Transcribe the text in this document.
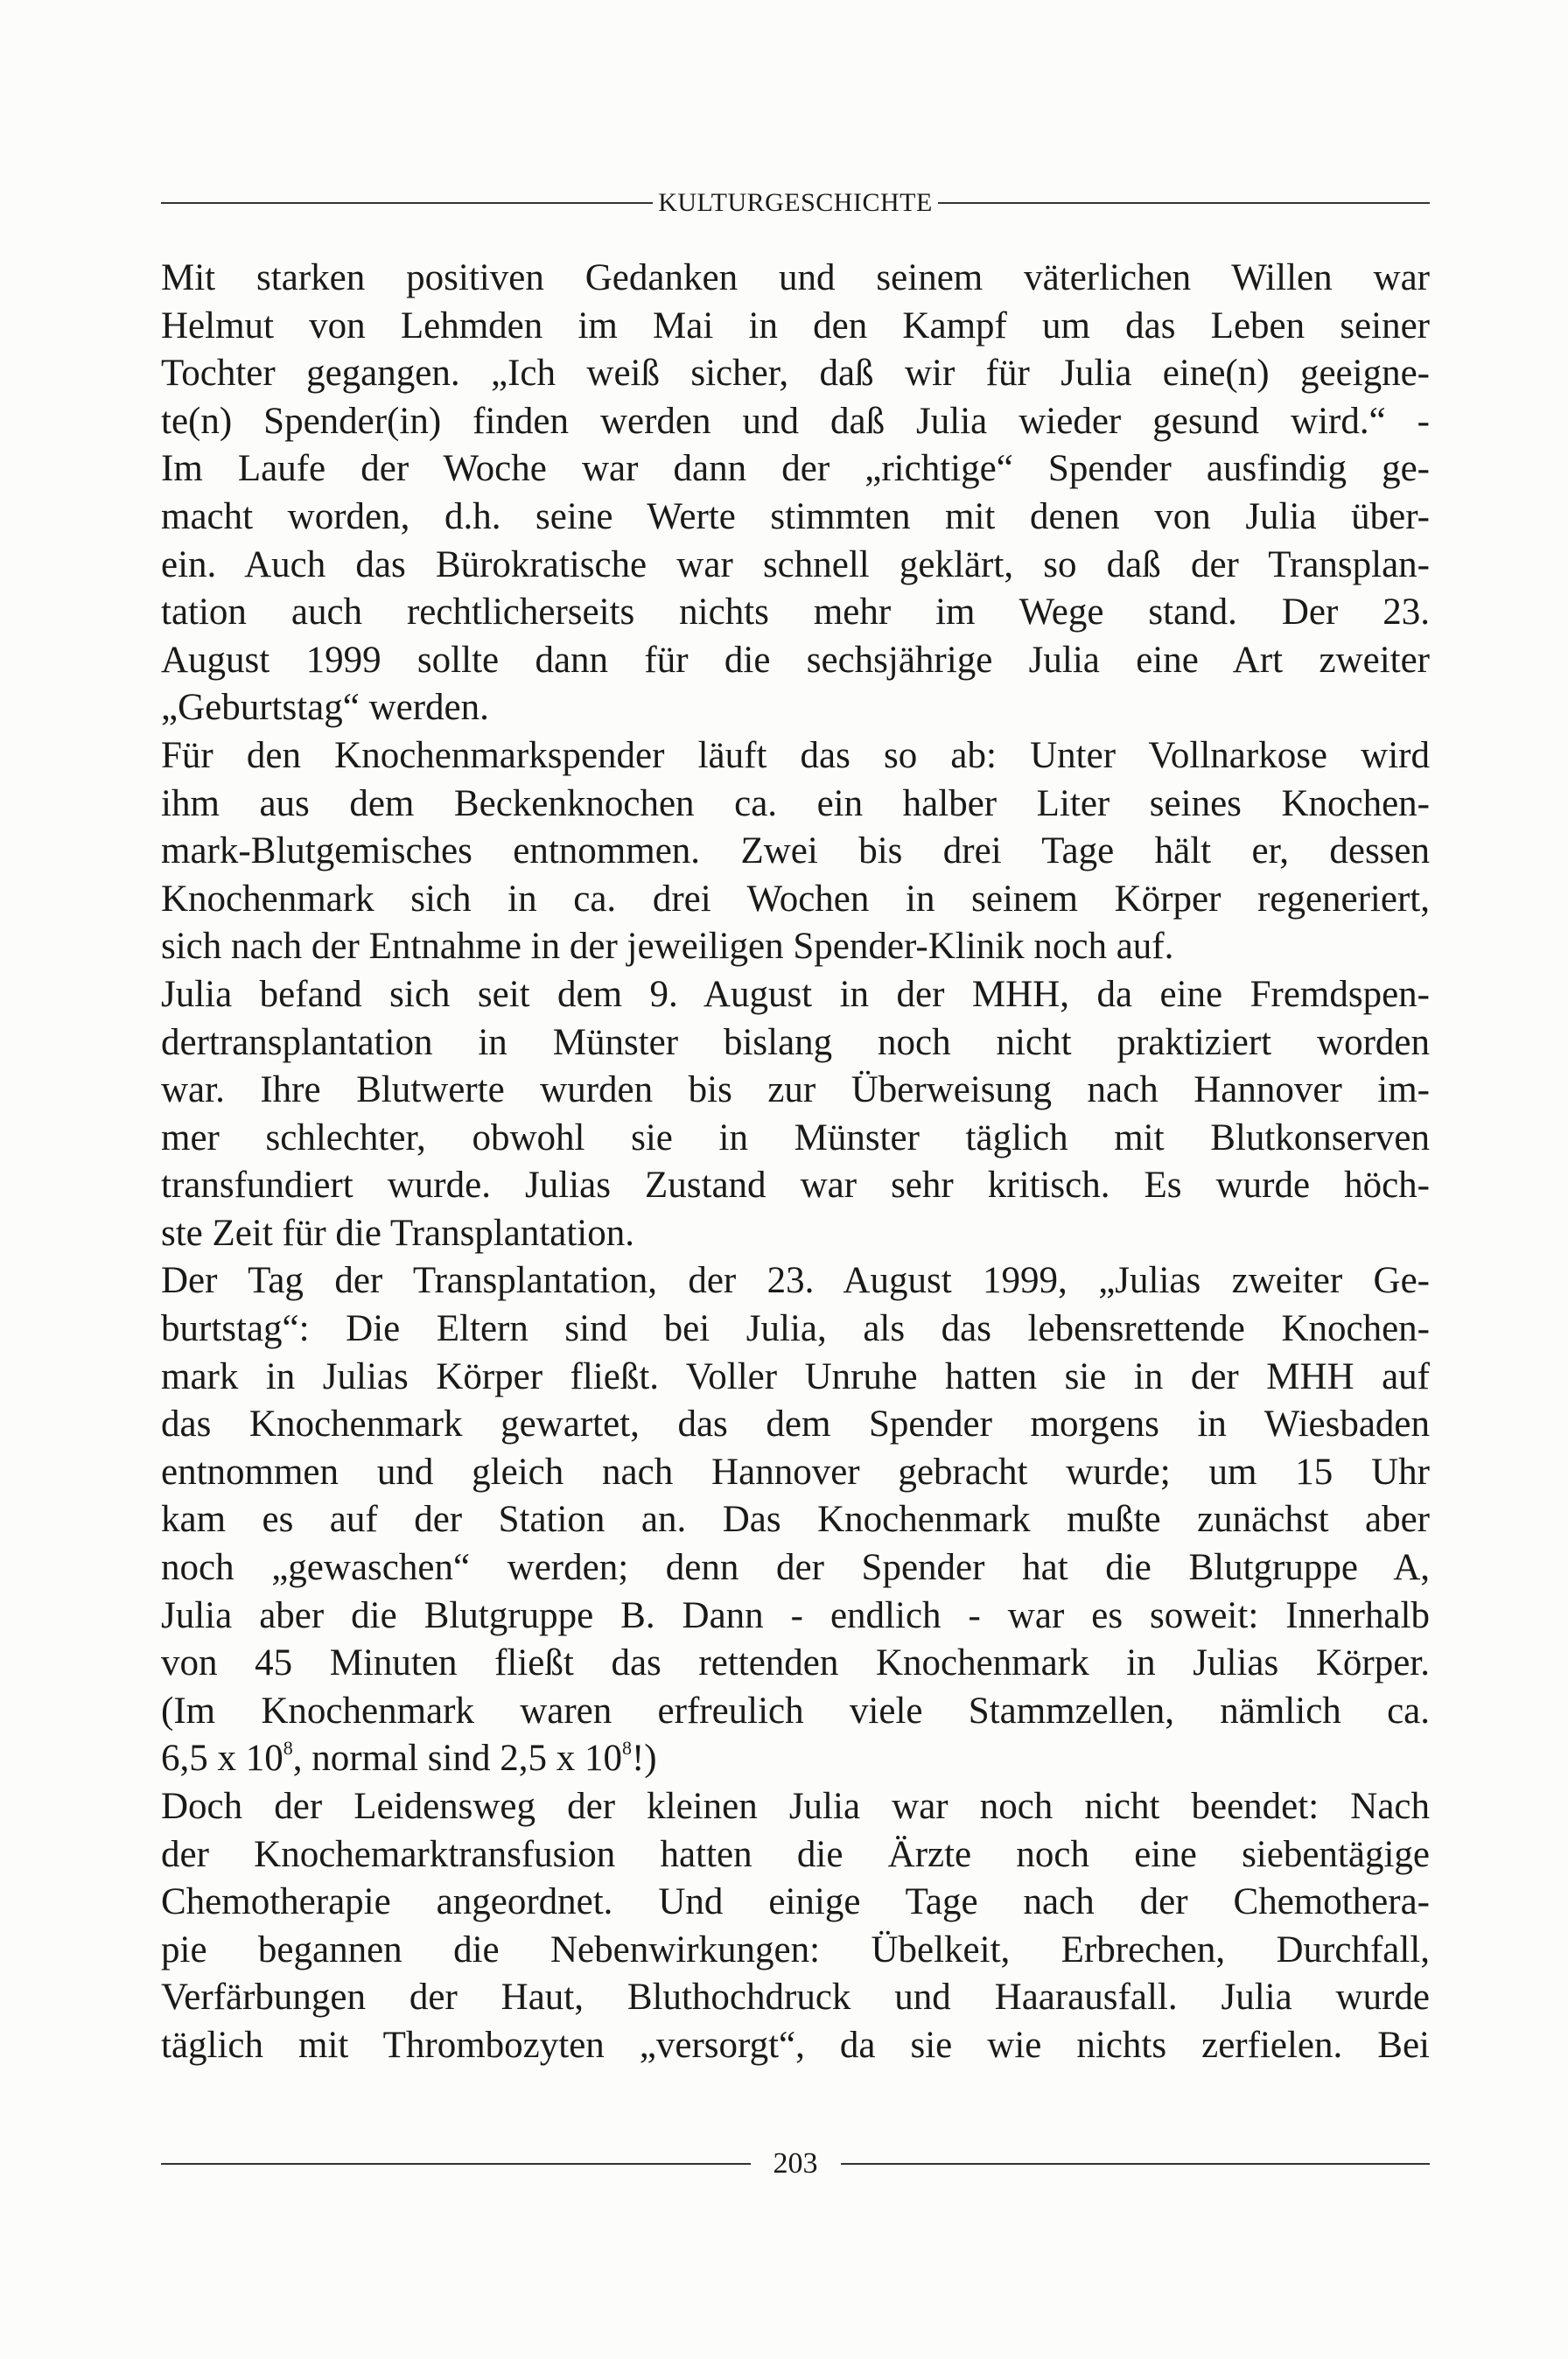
KULTURGESCHICHTE
Mit starken positiven Gedanken und seinem väterlichen Willen war
Helmut von Lehmden im Mai in den Kampf um das Leben seiner
Tochter gegangen. „Ich weiß sicher, daß wir für Julia eine(n) geeigne-
te(n) Spender(in) finden werden und daß Julia wieder gesund wird.“ -
Im Laufe der Woche war dann der „richtige“ Spender ausfindig ge-
macht worden, d.h. seine Werte stimmten mit denen von Julia über-
ein. Auch das Bürokratische war schnell geklärt, so daß der Transplan-
tation auch rechtlicherseits nichts mehr im Wege stand. Der 23.
August 1999 sollte dann für die sechsjährige Julia eine Art zweiter
„Geburtstag“ werden.
Für den Knochenmarkspender läuft das so ab: Unter Vollnarkose wird
ihm aus dem Beckenknochen ca. ein halber Liter seines Knochen-
mark-Blutgemisches entnommen. Zwei bis drei Tage hält er, dessen
Knochenmark sich in ca. drei Wochen in seinem Körper regeneriert,
sich nach der Entnahme in der jeweiligen Spender-Klinik noch auf.
Julia befand sich seit dem 9. August in der MHH, da eine Fremdspen-
dertransplantation in Münster bislang noch nicht praktiziert worden
war. Ihre Blutwerte wurden bis zur Überweisung nach Hannover im-
mer schlechter, obwohl sie in Münster täglich mit Blutkonserven
transfundiert wurde. Julias Zustand war sehr kritisch. Es wurde höch-
ste Zeit für die Transplantation.
Der Tag der Transplantation, der 23. August 1999, „Julias zweiter Ge-
burtstag“: Die Eltern sind bei Julia, als das lebensrettende Knochen-
mark in Julias Körper fließt. Voller Unruhe hatten sie in der MHH auf
das Knochenmark gewartet, das dem Spender morgens in Wiesbaden
entnommen und gleich nach Hannover gebracht wurde; um 15 Uhr
kam es auf der Station an. Das Knochenmark mußte zunächst aber
noch „gewaschen“ werden; denn der Spender hat die Blutgruppe A,
Julia aber die Blutgruppe B. Dann - endlich - war es soweit: Innerhalb
von 45 Minuten fließt das rettenden Knochenmark in Julias Körper.
(Im Knochenmark waren erfreulich viele Stammzellen, nämlich ca.
6,5 x $10^8$, normal sind 2,5 x $10^8$!)
Doch der Leidensweg der kleinen Julia war noch nicht beendet: Nach
der Knochemarktransfusion hatten die Ärzte noch eine siebentägige
Chemotherapie angeordnet. Und einige Tage nach der Chemothera-
pie begannen die Nebenwirkungen: Übelkeit, Erbrechen, Durchfall,
Verfärbungen der Haut, Bluthochdruck und Haarausfall. Julia wurde
täglich mit Thrombozyten „versorgt“, da sie wie nichts zerfielen. Bei
203
